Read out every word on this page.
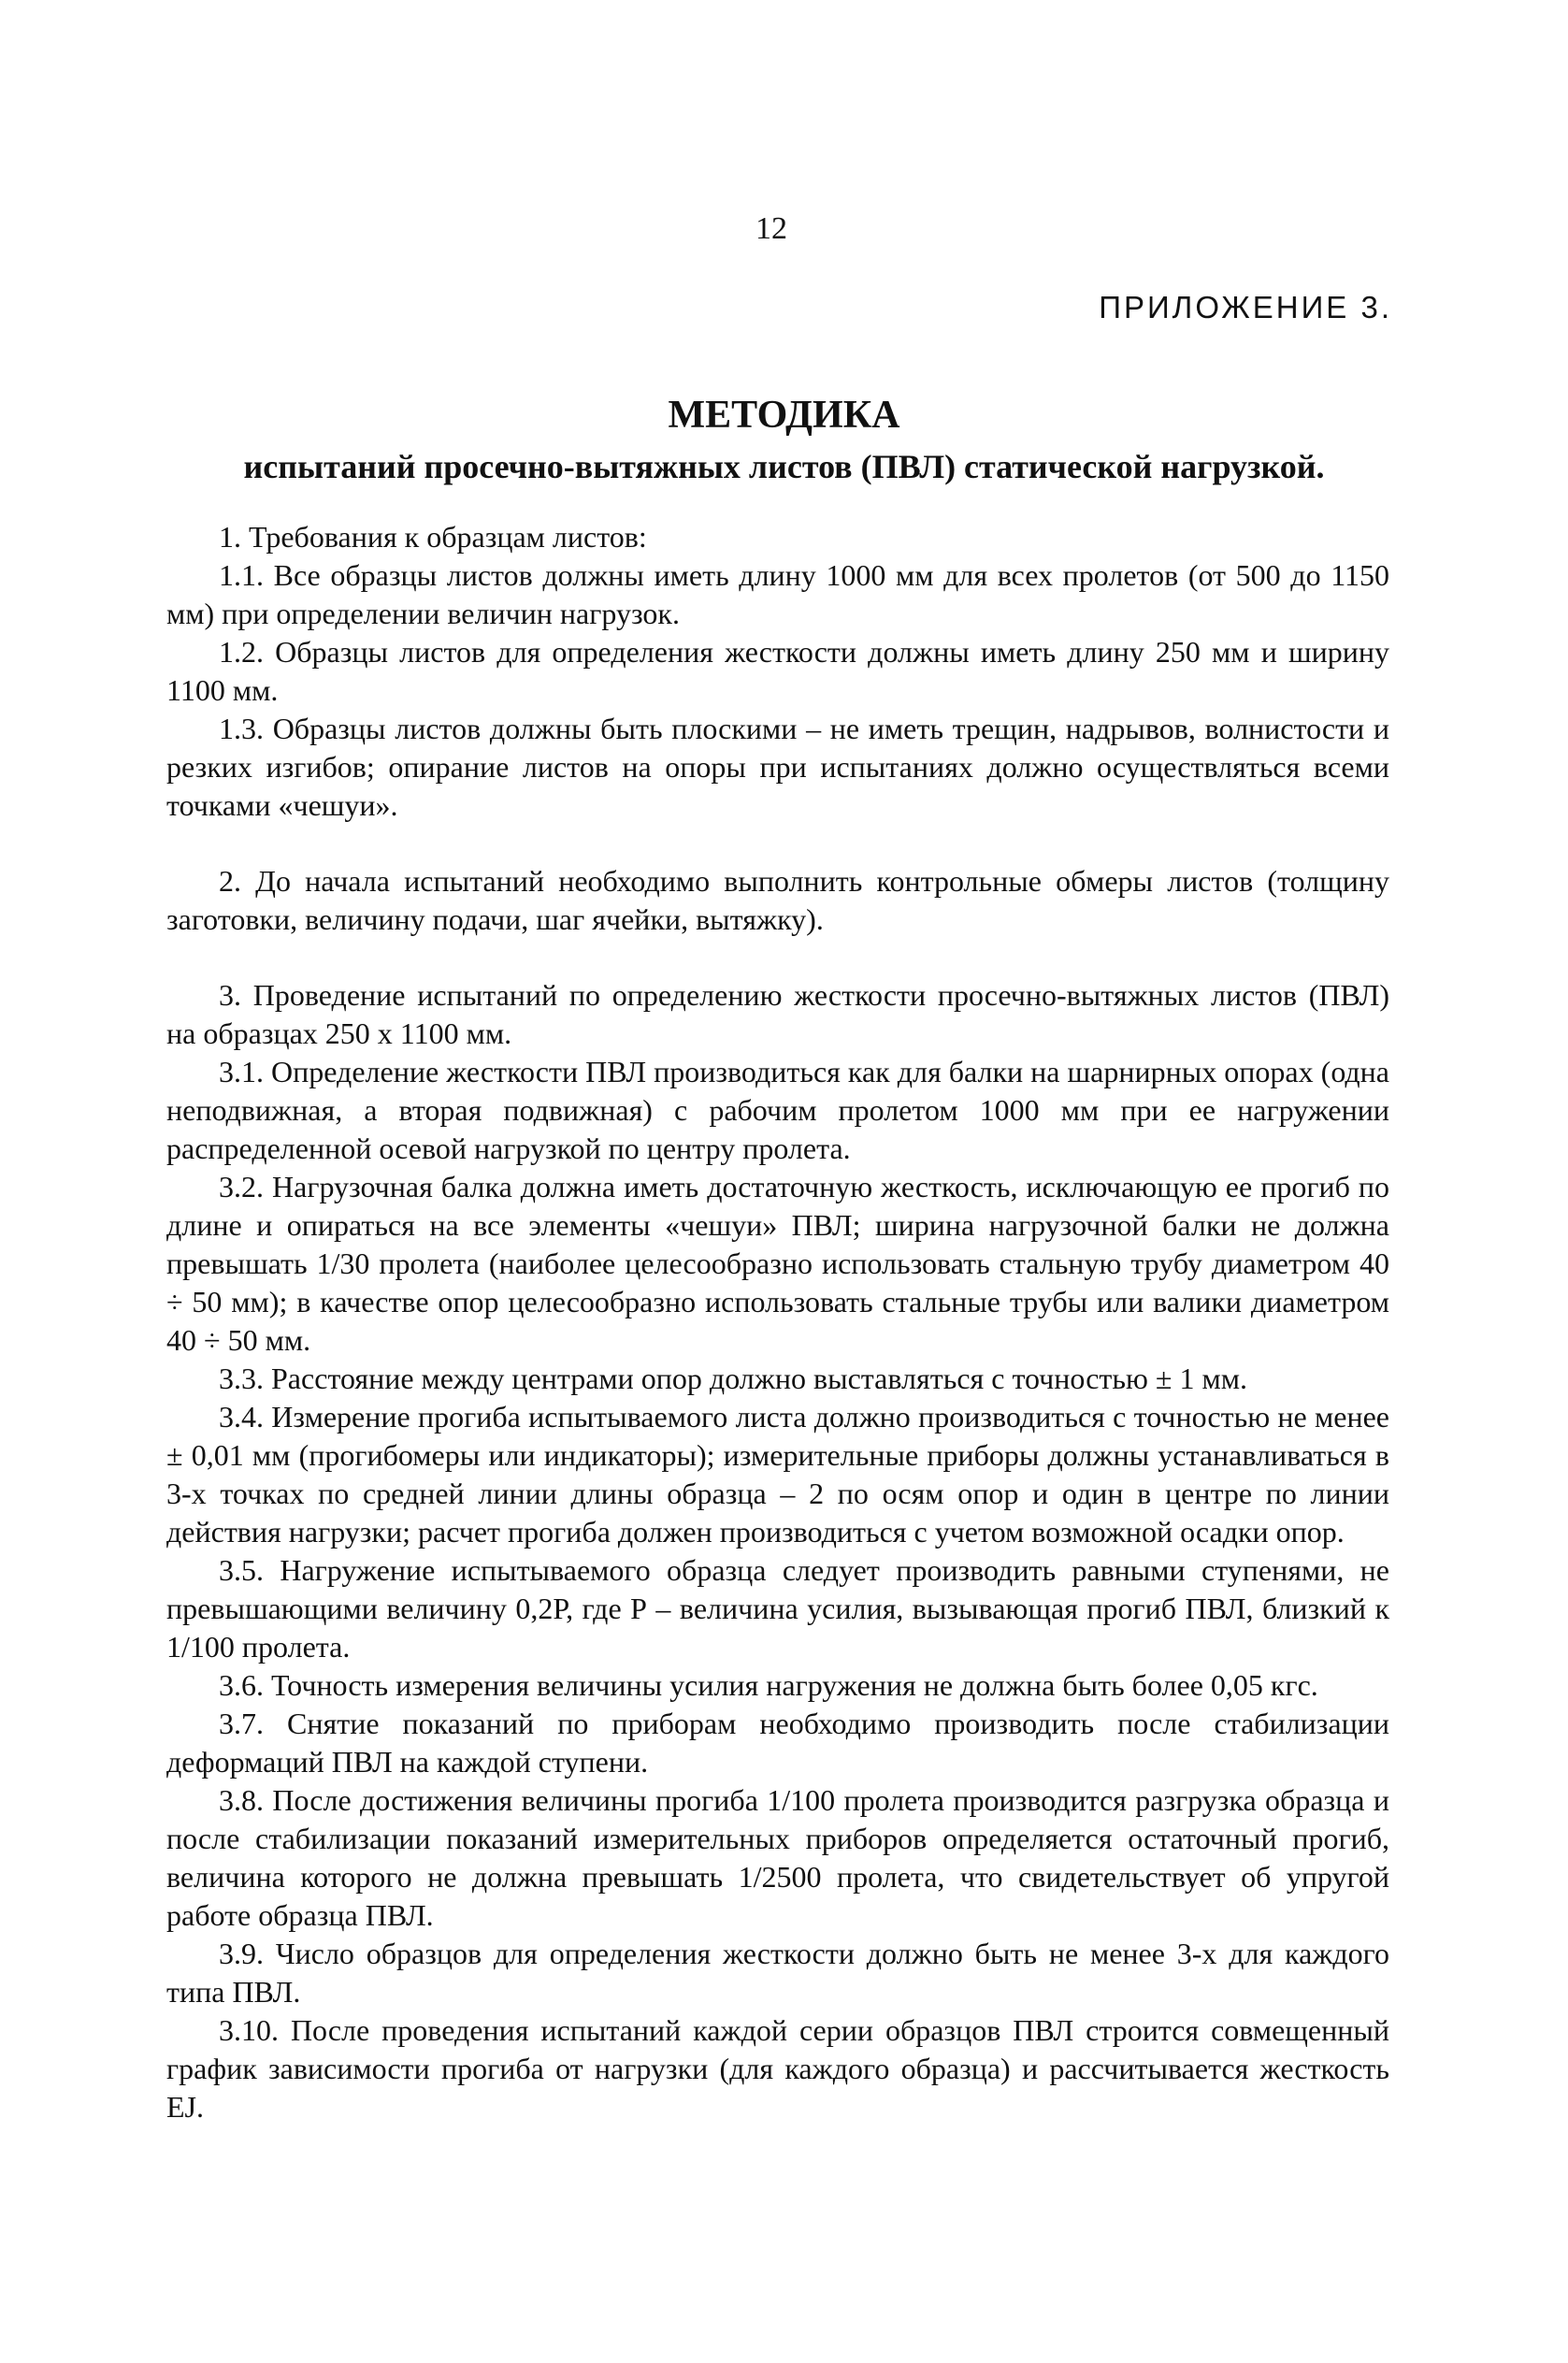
12
ПРИЛОЖЕНИЕ 3.
МЕТОДИКА
испытаний просечно-вытяжных листов (ПВЛ) статической нагрузкой.

1. Требования к образцам листов:

1.1. Все образцы листов должны иметь длину 1000 мм для всех пролетов (от 500 до 1150 мм) при определении величин нагрузок.

1.2. Образцы листов для определения жесткости должны иметь длину 250 мм и ширину 1100 мм.

1.3. Образцы листов должны быть плоскими – не иметь трещин, надрывов, волнистости и резких изгибов; опирание листов на опоры при испытаниях должно осуществляться всеми точками «чешуи».

2. До начала испытаний необходимо выполнить контрольные обмеры листов (толщину заготовки, величину подачи, шаг ячейки, вытяжку).

3. Проведение испытаний по определению жесткости просечно-вытяжных листов (ПВЛ) на образцах 250 х 1100 мм.

3.1. Определение жесткости ПВЛ производиться как для балки на шарнирных опорах (одна неподвижная, а вторая подвижная) с рабочим пролетом 1000 мм при ее нагружении распределенной осевой нагрузкой по центру пролета.

3.2. Нагрузочная балка должна иметь достаточную жесткость, исключающую ее прогиб по длине и опираться на все элементы «чешуи» ПВЛ; ширина нагрузочной балки не должна превышать 1/30 пролета (наиболее целесообразно использовать стальную трубу диаметром 40 ÷ 50 мм); в качестве опор целесообразно использовать стальные трубы или валики диаметром 40 ÷ 50 мм.

3.3. Расстояние между центрами опор должно выставляться с точностью ± 1 мм.

3.4. Измерение прогиба испытываемого листа должно производиться с точностью не менее ± 0,01 мм (прогибомеры или индикаторы); измерительные приборы должны устанавливаться в 3-х точках по средней линии длины образца – 2 по осям опор и один в центре по линии действия нагрузки; расчет прогиба должен производиться с учетом возможной осадки опор.

3.5. Нагружение испытываемого образца следует производить равными ступенями, не превышающими величину 0,2Р, где Р – величина усилия, вызывающая прогиб ПВЛ, близкий к 1/100 пролета.

3.6. Точность измерения величины усилия нагружения не должна быть более 0,05 кгс.

3.7. Снятие показаний по приборам необходимо производить после стабилизации деформаций ПВЛ на каждой ступени.

3.8. После достижения величины прогиба 1/100 пролета производится разгрузка образца и после стабилизации показаний измерительных приборов определяется остаточный прогиб, величина которого не должна превышать 1/2500 пролета, что свидетельствует об упругой работе образца ПВЛ.

3.9. Число образцов для определения жесткости должно быть не менее 3-х для каждого типа ПВЛ.

3.10. После проведения испытаний каждой серии образцов ПВЛ строится совмещенный график зависимости прогиба от нагрузки (для каждого образца) и рассчитывается жесткость EJ.
